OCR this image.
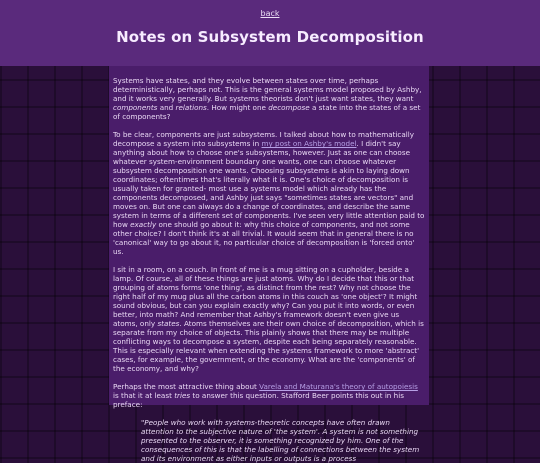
back
Notes on Subsystem Decomposition

Systems have states, and they evolve between states over time, perhaps deterministically, perhaps not. This is the general systems model proposed by Ashby, and it works very generally. But systems theorists don't just want states, they want components and relations. How might one decompose a state into the states of a set of components?

To be clear, components are just subsystems. I talked about how to mathematically decompose a system into subsystems in my post on Ashby's model. I didn't say anything about how to choose one's subsystems, however. Just as one can choose whatever system-environment boundary one wants, one can choose whatever subsystem decomposition one wants. Choosing subsystems is akin to laying down coordinates; oftentimes that's literally what it is. One's choice of decomposition is usually taken for granted- most use a systems model which already has the components decomposed, and Ashby just says "sometimes states are vectors" and moves on. But one can always do a change of coordinates, and describe the same system in terms of a different set of components. I've seen very little attention paid to how exactly one should go about it: why this choice of components, and not some other choice? I don't think it's at all trivial. It would seem that in general there is no 'canonical' way to go about it, no particular choice of decomposition is 'forced onto' us.

I sit in a room, on a couch. In front of me is a mug sitting on a cupholder, beside a lamp. Of course, all of these things are just atoms. Why do I decide that this or that grouping of atoms forms 'one thing', as distinct from the rest? Why not choose the right half of my mug plus all the carbon atoms in this couch as 'one object'? It might sound obvious, but can you explain exactly why? Can you put it into words, or even better, into math? And remember that Ashby's framework doesn't even give us atoms, only states. Atoms themselves are their own choice of decomposition, which is separate from my choice of objects. This plainly shows that there may be multiple conflicting ways to decompose a system, despite each being separately reasonable. This is especially relevant when extending the systems framework to more 'abstract' cases, for example, the government, or the economy. What are the 'components' of the economy, and why?

Perhaps the most attractive thing about Varela and Maturana's theory of autopoiesis is that it at least tries to answer this question. Stafford Beer points this out in his preface:

"People who work with systems-theoretic concepts have often drawn attention to the subjective nature of 'the system'. A system is not something presented to the observer, it is something recognized by him. One of the consequences of this is that the labelling of connections between the system and its environment as either inputs or outputs is a process
